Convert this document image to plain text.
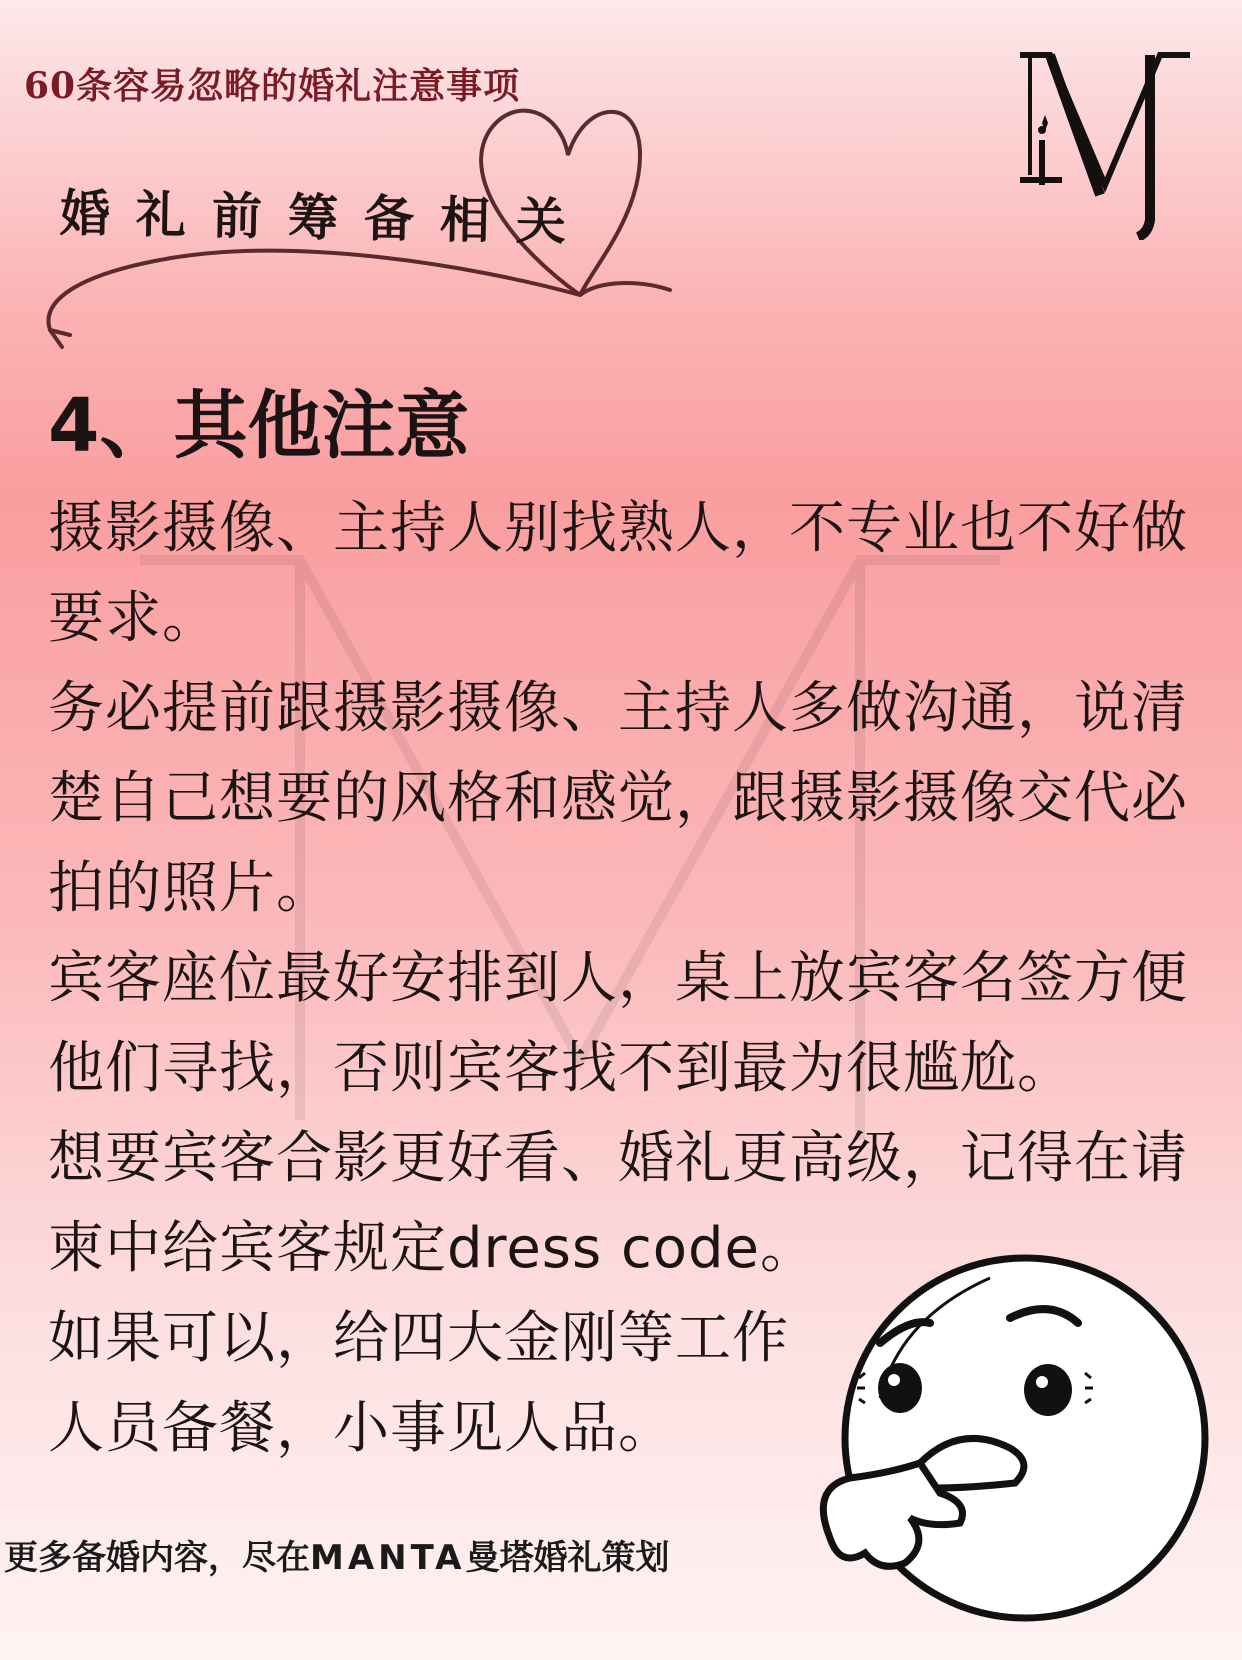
60条容易忽略的婚礼注意事项
婚礼前筹备相关
4、其他注意

摄影摄像、主持人别找熟人，不专业也不好做要求。

务必提前跟摄影摄像、主持人多做沟通，说清楚自己想要的风格和感觉，跟摄影摄像交代必拍的照片。

宾客座位最好安排到人，桌上放宾客名签方便他们寻找，否则宾客找不到最为很尴尬。

想要宾客合影更好看、婚礼更高级，记得在请柬中给宾客规定dress code。

如果可以，给四大金刚等工作

人员备餐，小事见人品。

更多备婚内容，尽在MANTA曼塔婚礼策划
